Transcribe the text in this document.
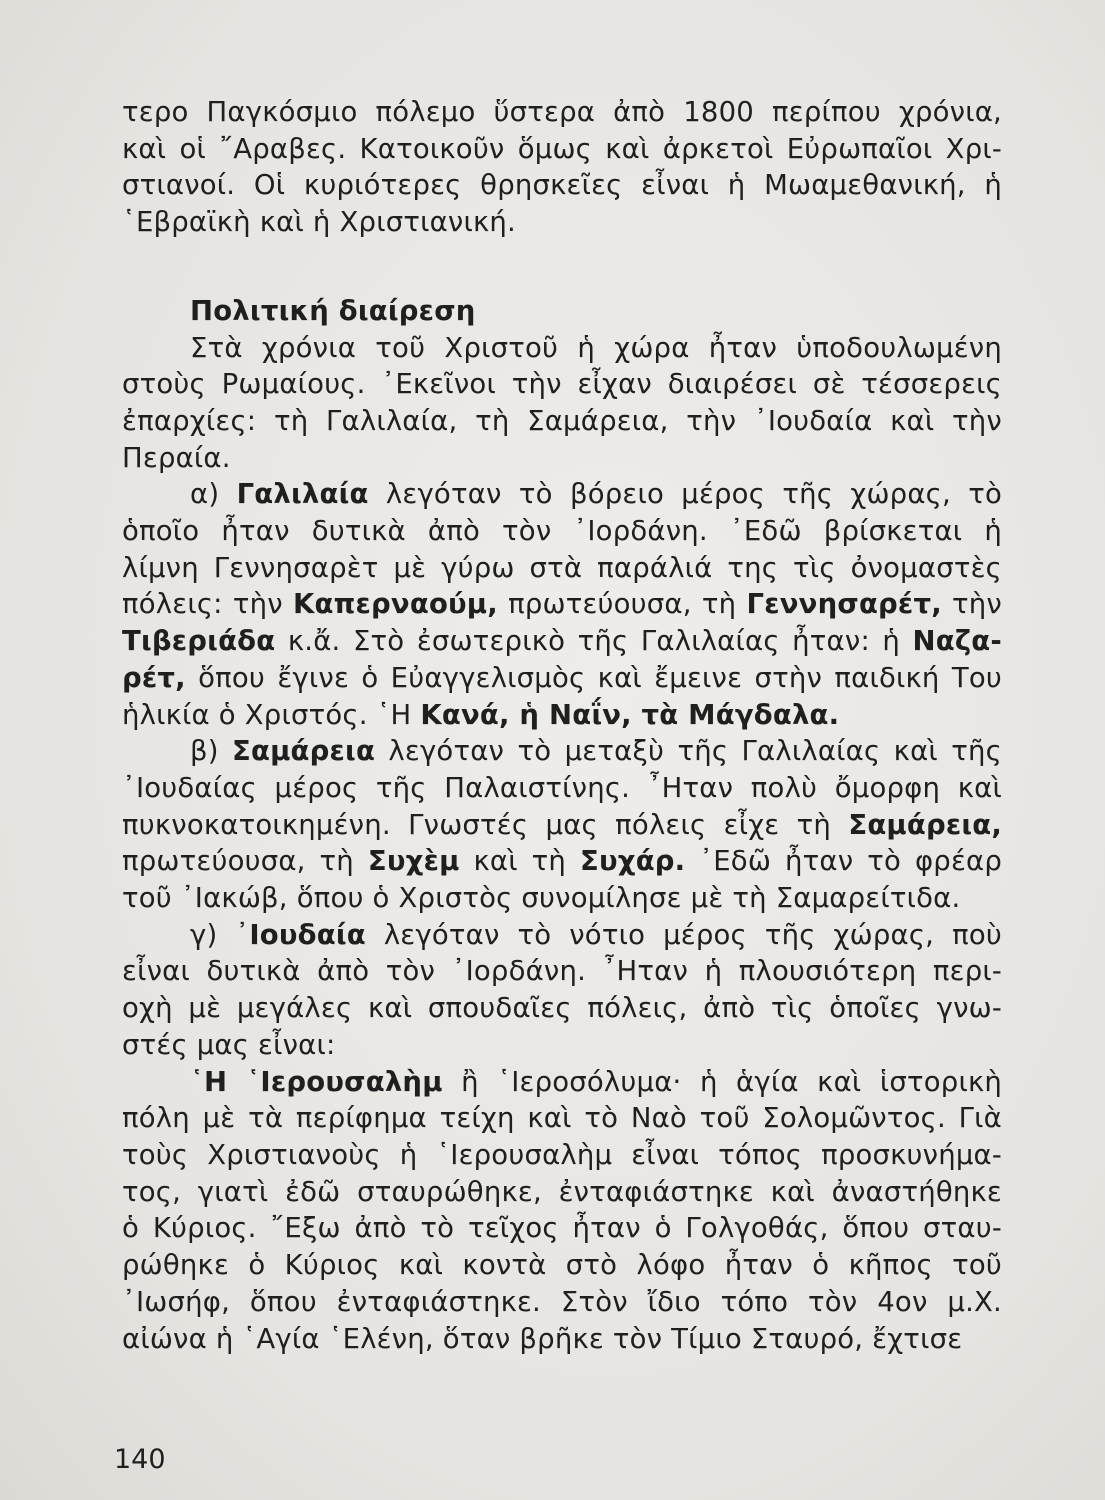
τερο Παγκόσμιο πόλεμο ὕστερα ἀπὸ 1800 περίπου χρόνια,

καὶ οἱ ῎Αραβες. Κατοικοῦν ὅμως καὶ ἀρκετοὶ Εὐρωπαῖοι Χρι-

στιανοί. Οἱ κυριότερες θρησκεῖες εἶναι ἡ Μωαμεθανική, ἡ

῾Εβραϊκὴ καὶ ἡ Χριστιανική.

Πολιτική διαίρεση

Στὰ χρόνια τοῦ Χριστοῦ ἡ χώρα ἦταν ὑποδουλωμένη

στοὺς Ρωμαίους. ᾿Εκεῖνοι τὴν εἶχαν διαιρέσει σὲ τέσσερεις

ἐπαρχίες: τὴ Γαλιλαία, τὴ Σαμάρεια, τὴν ᾿Ιουδαία καὶ τὴν

Περαία.

α) Γαλιλαία λεγόταν τὸ βόρειο μέρος τῆς χώρας, τὸ

ὁποῖο ἦταν δυτικὰ ἀπὸ τὸν ᾿Ιορδάνη. ᾿Εδῶ βρίσκεται ἡ

λίμνη Γεννησαρὲτ μὲ γύρω στὰ παράλιά της τὶς ὀνομαστὲς

πόλεις: τὴν Καπερναούμ, πρωτεύουσα, τὴ Γεννησαρέτ, τὴν

Τιβεριάδα κ.ἄ. Στὸ ἐσωτερικὸ τῆς Γαλιλαίας ἦταν: ἡ Ναζα-

ρέτ, ὅπου ἔγινε ὁ Εὐαγγελισμὸς καὶ ἔμεινε στὴν παιδική Του

ἡλικία ὁ Χριστός. ῾Η Κανά, ἡ Ναΐν, τὰ Μάγδαλα.

β) Σαμάρεια λεγόταν τὸ μεταξὺ τῆς Γαλιλαίας καὶ τῆς

᾿Ιουδαίας μέρος τῆς Παλαιστίνης. ῏Ηταν πολὺ ὄμορφη καὶ

πυκνοκατοικημένη. Γνωστές μας πόλεις εἶχε τὴ Σαμάρεια,

πρωτεύουσα, τὴ Συχὲμ καὶ τὴ Συχάρ. ᾿Εδῶ ἦταν τὸ φρέαρ

τοῦ ᾿Ιακώβ, ὅπου ὁ Χριστὸς συνομίλησε μὲ τὴ Σαμαρείτιδα.

γ) ᾿Ιουδαία λεγόταν τὸ νότιο μέρος τῆς χώρας, ποὺ

εἶναι δυτικὰ ἀπὸ τὸν ᾿Ιορδάνη. ῏Ηταν ἡ πλουσιότερη περι-

οχὴ μὲ μεγάλες καὶ σπουδαῖες πόλεις, ἀπὸ τὶς ὁποῖες γνω-

στές μας εἶναι:

῾Η ῾Ιερουσαλὴμ ἢ ῾Ιεροσόλυμα· ἡ ἁγία καὶ ἱστορικὴ

πόλη μὲ τὰ περίφημα τείχη καὶ τὸ Ναὸ τοῦ Σολομῶντος. Γιὰ

τοὺς Χριστιανοὺς ἡ ῾Ιερουσαλὴμ εἶναι τόπος προσκυνήμα-

τος, γιατὶ ἐδῶ σταυρώθηκε, ἐνταφιάστηκε καὶ ἀναστήθηκε

ὁ Κύριος. ῎Εξω ἀπὸ τὸ τεῖχος ἦταν ὁ Γολγοθάς, ὅπου σταυ-

ρώθηκε ὁ Κύριος καὶ κοντὰ στὸ λόφο ἦταν ὁ κῆπος τοῦ

᾿Ιωσήφ, ὅπου ἐνταφιάστηκε. Στὸν ἴδιο τόπο τὸν 4ον μ.Χ.

αἰώνα ἡ ῾Αγία ῾Ελένη, ὅταν βρῆκε τὸν Τίμιο Σταυρό, ἔχτισε

140
